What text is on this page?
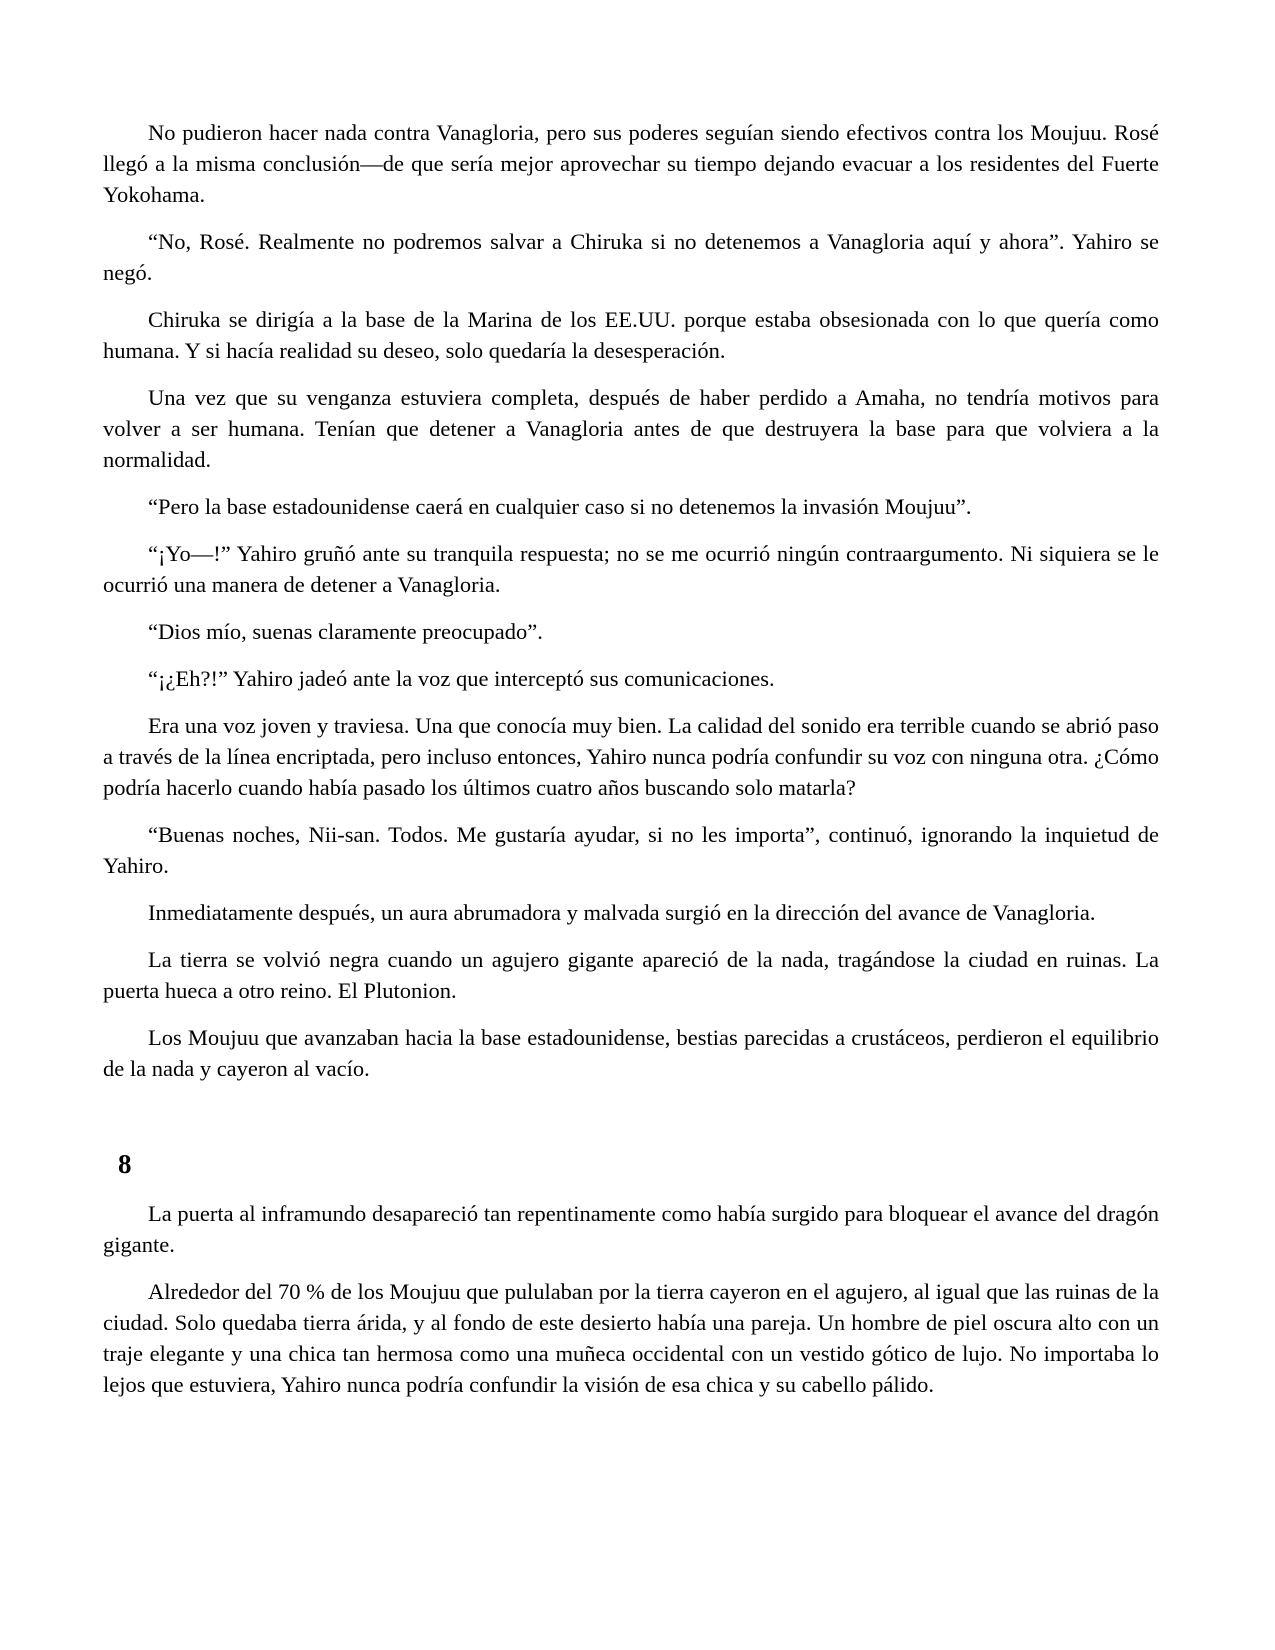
No pudieron hacer nada contra Vanagloria, pero sus poderes seguían siendo efectivos contra los Moujuu. Rosé llegó a la misma conclusión—de que sería mejor aprovechar su tiempo dejando evacuar a los residentes del Fuerte Yokohama.

“No, Rosé. Realmente no podremos salvar a Chiruka si no detenemos a Vanagloria aquí y ahora”. Yahiro se negó.

Chiruka se dirigía a la base de la Marina de los EE.UU. porque estaba obsesionada con lo que quería como humana. Y si hacía realidad su deseo, solo quedaría la desesperación.

Una vez que su venganza estuviera completa, después de haber perdido a Amaha, no tendría motivos para volver a ser humana. Tenían que detener a Vanagloria antes de que destruyera la base para que volviera a la normalidad.

“Pero la base estadounidense caerá en cualquier caso si no detenemos la invasión Moujuu”.

“¡Yo—!” Yahiro gruñó ante su tranquila respuesta; no se me ocurrió ningún contraargumento. Ni siquiera se le ocurrió una manera de detener a Vanagloria.

“Dios mío, suenas claramente preocupado”.

“¡¿Eh?!” Yahiro jadeó ante la voz que interceptó sus comunicaciones.

Era una voz joven y traviesa. Una que conocía muy bien. La calidad del sonido era terrible cuando se abrió paso a través de la línea encriptada, pero incluso entonces, Yahiro nunca podría confundir su voz con ninguna otra. ¿Cómo podría hacerlo cuando había pasado los últimos cuatro años buscando solo matarla?

“Buenas noches, Nii-san. Todos. Me gustaría ayudar, si no les importa”, continuó, ignorando la inquietud de Yahiro.

Inmediatamente después, un aura abrumadora y malvada surgió en la dirección del avance de Vanagloria.

La tierra se volvió negra cuando un agujero gigante apareció de la nada, tragándose la ciudad en ruinas. La puerta hueca a otro reino. El Plutonion.

Los Moujuu que avanzaban hacia la base estadounidense, bestias parecidas a crustáceos, perdieron el equilibrio de la nada y cayeron al vacío.

8

La puerta al inframundo desapareció tan repentinamente como había surgido para bloquear el avance del dragón gigante.

Alrededor del 70 % de los Moujuu que pululaban por la tierra cayeron en el agujero, al igual que las ruinas de la ciudad. Solo quedaba tierra árida, y al fondo de este desierto había una pareja. Un hombre de piel oscura alto con un traje elegante y una chica tan hermosa como una muñeca occidental con un vestido gótico de lujo. No importaba lo lejos que estuviera, Yahiro nunca podría confundir la visión de esa chica y su cabello pálido.
